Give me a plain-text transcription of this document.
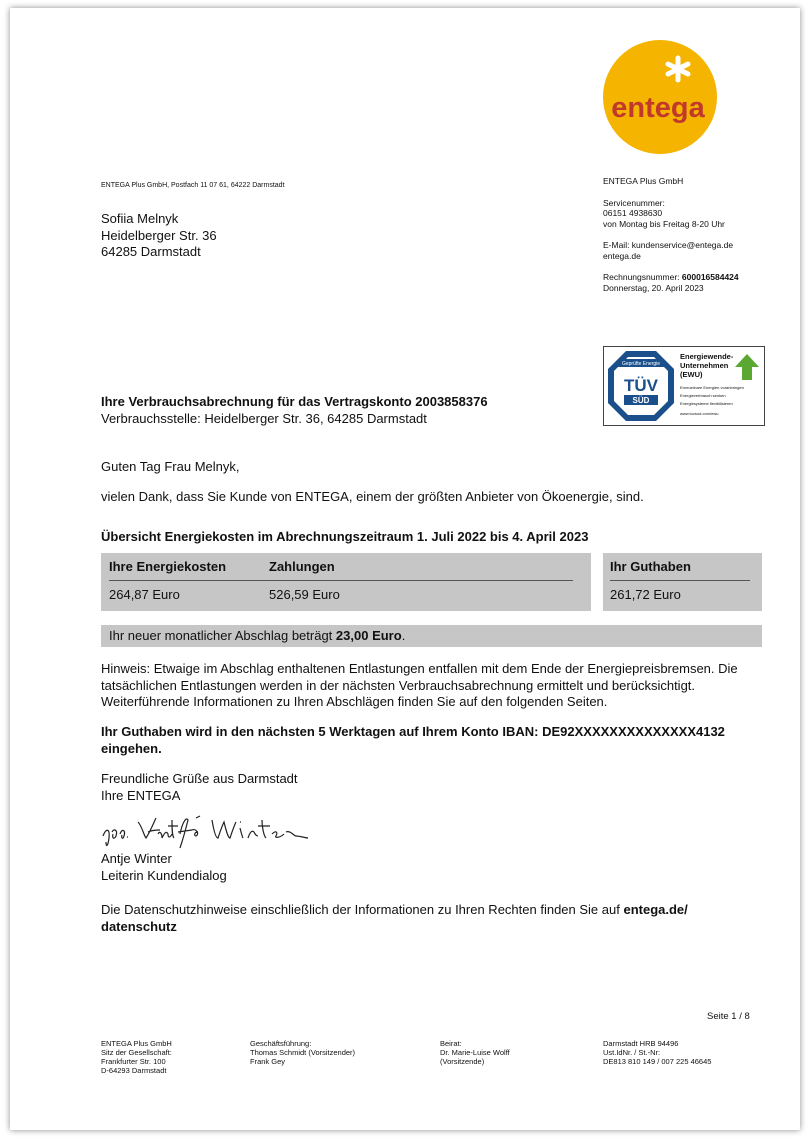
entega
ENTEGA Plus GmbH, Postfach 11 07 61, 64222 Darmstadt
Sofiia Melnyk
Heidelberger Str. 36
64285 Darmstadt
ENTEGA Plus GmbH
Servicenummer:
06151 4938630
von Montag bis Freitag 8-20 Uhr
E-Mail: kundenservice@entega.de
entega.de
Rechnungsnummer: 600016584424
Donnerstag, 20. April 2023
Geprüfte Energie
TÜV
SÜD
Energiewende-Unternehmen
(EWU)
Erneuerbare Energien voranbringen
Energieverbrauch senken
Energiesysteme flexibilisieren
www.tuvsud.com/ewu
Ihre Verbrauchsabrechnung für das Vertragskonto 2003858376
Verbrauchsstelle: Heidelberger Str. 36, 64285 Darmstadt
Guten Tag Frau Melnyk,
vielen Dank, dass Sie Kunde von ENTEGA, einem der größten Anbieter von Ökoenergie, sind.
Übersicht Energiekosten im Abrechnungszeitraum 1. Juli 2022 bis 4. April 2023
Ihre Energiekosten	Zahlungen
264,87 Euro	526,59 Euro
Ihr Guthaben
261,72 Euro
Ihr neuer monatlicher Abschlag beträgt 23,00 Euro.
Hinweis: Etwaige im Abschlag enthaltenen Entlastungen entfallen mit dem Ende der Energiepreisbremsen. Die
tatsächlichen Entlastungen werden in der nächsten Verbrauchsabrechnung ermittelt und berücksichtigt.
Weiterführende Informationen zu Ihren Abschlägen finden Sie auf den folgenden Seiten.
Ihr Guthaben wird in den nächsten 5 Werktagen auf Ihrem Konto IBAN: DE92XXXXXXXXXXXXXX4132
eingehen.
Freundliche Grüße aus Darmstadt
Ihre ENTEGA
Antje Winter
Leiterin Kundendialog
Die Datenschutzhinweise einschließlich der Informationen zu Ihren Rechten finden Sie auf entega.de/
datenschutz
Seite 1 / 8
ENTEGA Plus GmbH
Sitz der Gesellschaft:
Frankfurter Str. 100
D-64293 Darmstadt
Geschäftsführung:
Thomas Schmidt (Vorsitzender)
Frank Gey
Beirat:
Dr. Marie-Luise Wolff
(Vorsitzende)
Darmstadt HRB 94496
Ust.IdNr. / St.-Nr:
DE813 810 149 / 007 225 46645
